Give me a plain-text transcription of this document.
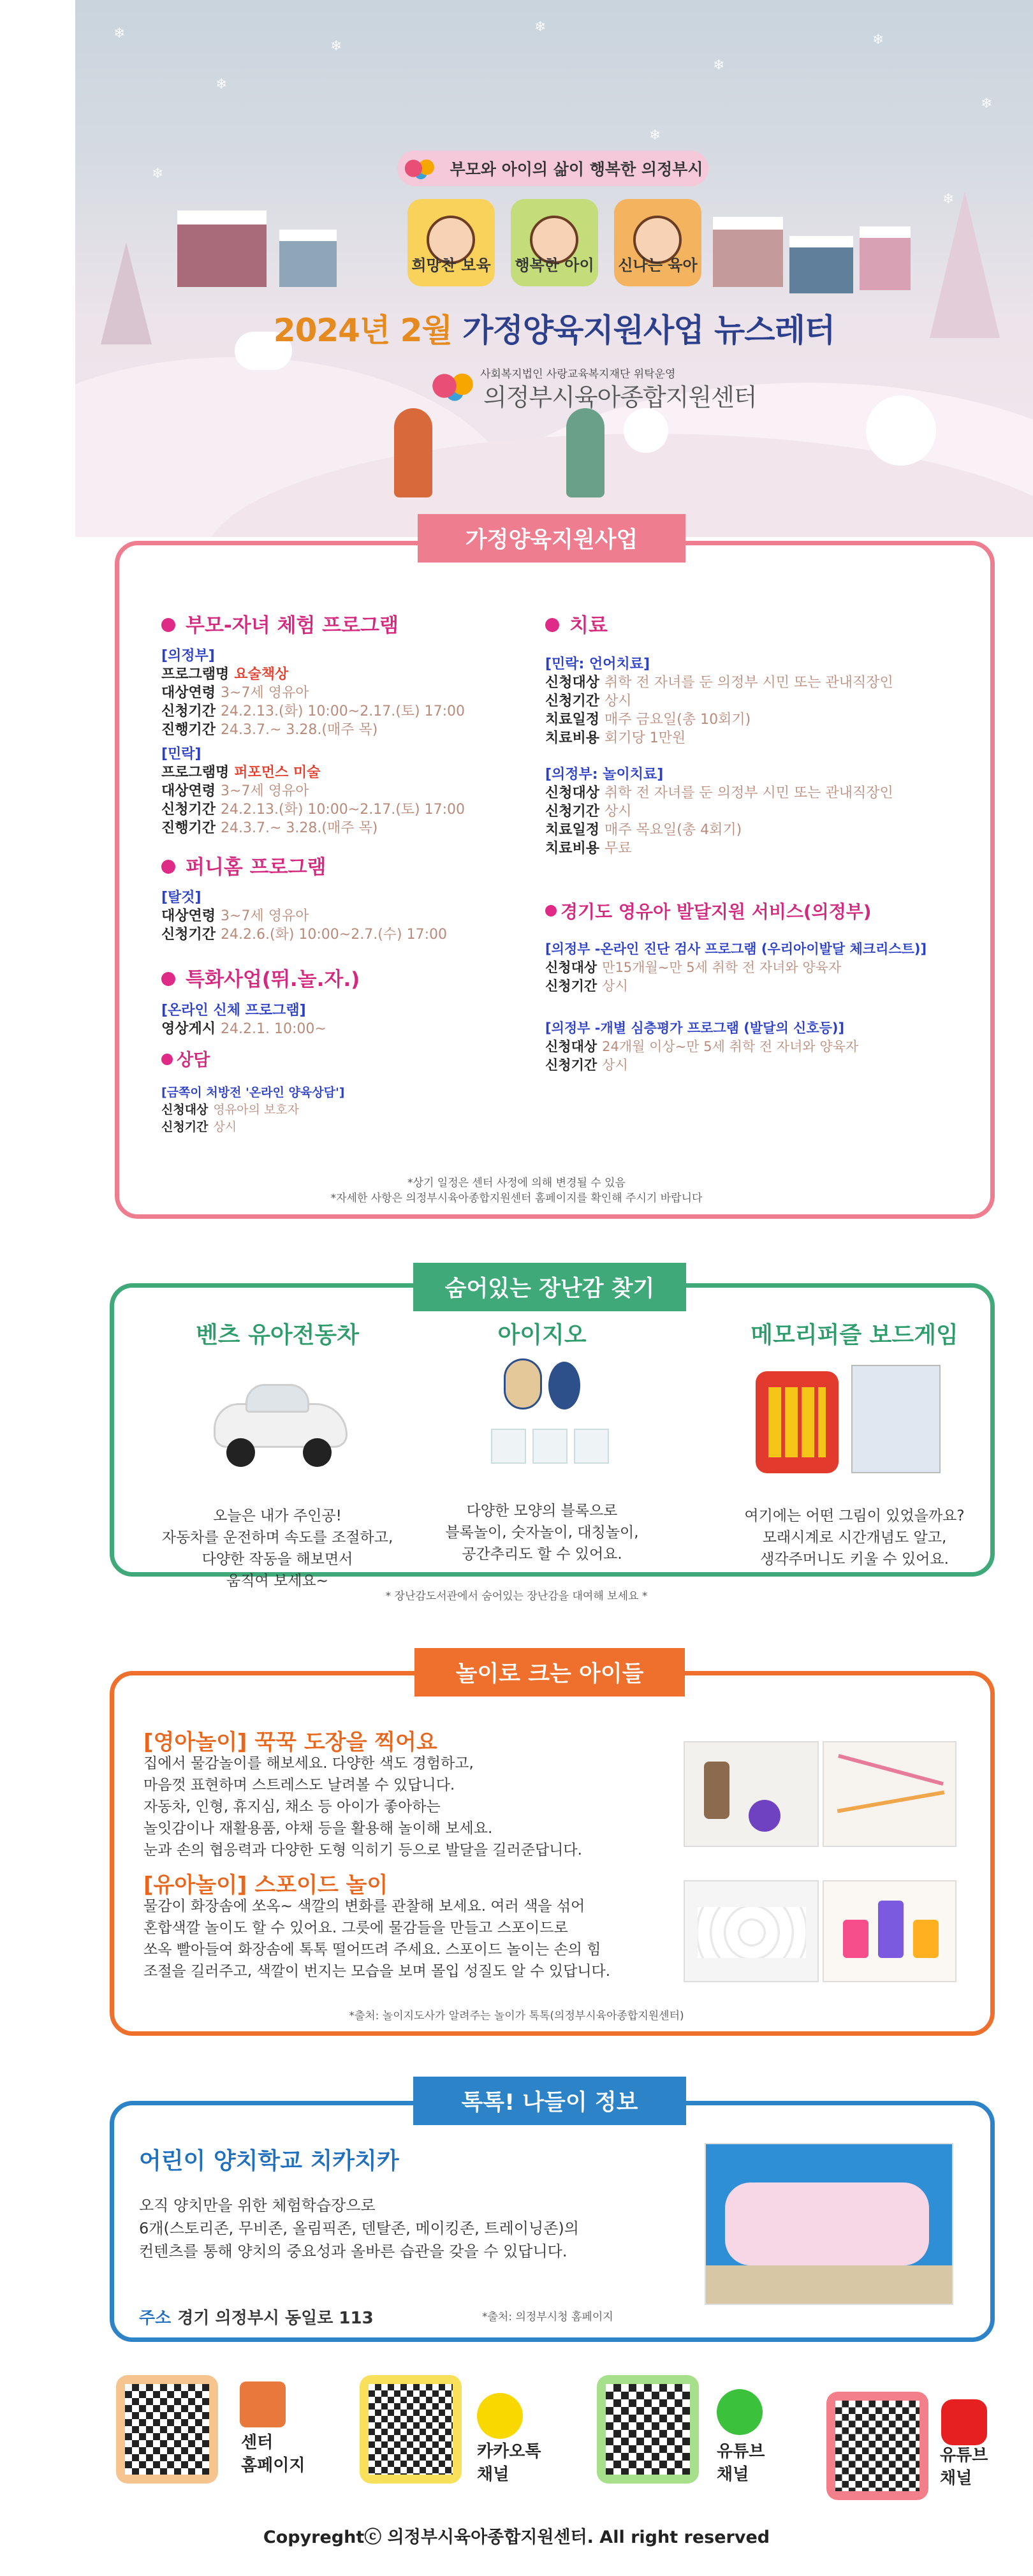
❄
❄
❄
❄
❄
❄
❄
❄
❄
❄
부모와 아이의 삶이 행복한 의정부시
희망찬 보육 행복한 아이 신나는 육아
2024년 2월 가정양육지원사업 뉴스레터
사회복지법인 사랑교육복지재단 위탁운영
의정부시육아종합지원센터
가정양육지원사업
부모-자녀 체험 프로그램
[의정부]
프로그램명 요술책상
대상연령 3~7세 영유아
신청기간 24.2.13.(화) 10:00~2.17.(토) 17:00
진행기간 24.3.7.~ 3.28.(매주 목)
[민락]
프로그램명 퍼포먼스 미술
대상연령 3~7세 영유아
신청기간 24.2.13.(화) 10:00~2.17.(토) 17:00
진행기간 24.3.7.~ 3.28.(매주 목)
퍼니홈 프로그램
[탈것]
대상연령 3~7세 영유아
신청기간 24.2.6.(화) 10:00~2.7.(수) 17:00
특화사업(뛰.놀.자.)
[온라인 신체 프로그램]
영상게시 24.2.1. 10:00~
상담
[금쪽이 처방전 '온라인 양육상담']
신청대상 영유아의 보호자
신청기간 상시
치료
[민락: 언어치료]
신청대상 취학 전 자녀를 둔 의정부 시민 또는 관내직장인
신청기간 상시
치료일정 매주 금요일(총 10회기)
치료비용 회기당 1만원
[의정부: 놀이치료]
신청대상 취학 전 자녀를 둔 의정부 시민 또는 관내직장인
신청기간 상시
치료일정 매주 목요일(총 4회기)
치료비용 무료
경기도 영유아 발달지원 서비스(의정부)
[의정부 -온라인 진단 검사 프로그램 (우리아이발달 체크리스트)]
신청대상 만15개월~만 5세 취학 전 자녀와 양육자
신청기간 상시
[의정부 -개별 심층평가 프로그램 (발달의 신호등)]
신청대상 24개월 이상~만 5세 취학 전 자녀와 양육자
신청기간 상시
*상기 일정은 센터 사정에 의해 변경될 수 있음
*자세한 사항은 의정부시육아종합지원센터 홈페이지를 확인해 주시기 바랍니다
숨어있는 장난감 찾기
벤츠 유아전동차	아이지오	메모리퍼즐 보드게임
오늘은 내가 주인공!
자동차를 운전하며 속도를 조절하고,
다양한 작동을 해보면서
움직여 보세요~
다양한 모양의 블록으로
블록놀이, 숫자놀이, 대칭놀이,
공간추리도 할 수 있어요.
여기에는 어떤 그림이 있었을까요?
모래시계로 시간개념도 알고,
생각주머니도 키울 수 있어요.
* 장난감도서관에서 숨어있는 장난감을 대여해 보세요 *
놀이로 크는 아이들
[영아놀이] 꾹꾹 도장을 찍어요
집에서 물감놀이를 해보세요. 다양한 색도 경험하고,
마음껏 표현하며 스트레스도 날려볼 수 있답니다.
자동차, 인형, 휴지심, 채소 등 아이가 좋아하는
놀잇감이나 재활용품, 야채 등을 활용해 놀이해 보세요.
눈과 손의 협응력과 다양한 도형 익히기 등으로 발달을 길러준답니다.
[유아놀이] 스포이드 놀이
물감이 화장솜에 쏘옥~ 색깔의 변화를 관찰해 보세요. 여러 색을 섞어
혼합색깔 놀이도 할 수 있어요. 그릇에 물감들을 만들고 스포이드로
쏘옥 빨아들여 화장솜에 톡톡 떨어뜨려 주세요. 스포이드 놀이는 손의 힘
조절을 길러주고, 색깔이 번지는 모습을 보며 몰입 성질도 알 수 있답니다.
*출처: 놀이지도사가 알려주는 놀이가 톡톡(의정부시육아종합지원센터)
톡톡! 나들이 정보
어린이 양치학교 치카치카
오직 양치만을 위한 체험학습장으로
6개(스토리존, 무비존, 올림픽존, 덴탈존, 메이킹존, 트레이닝존)의
컨텐츠를 통해 양치의 중요성과 올바른 습관을 갖을 수 있답니다.
주소 경기 의정부시 동일로 113	*출처: 의정부시청 홈페이지
센터
홈페이지
카카오톡
채널
유튜브
채널
유튜브
채널
Copyreghtⓒ 의정부시육아종합지원센터. All right reserved
